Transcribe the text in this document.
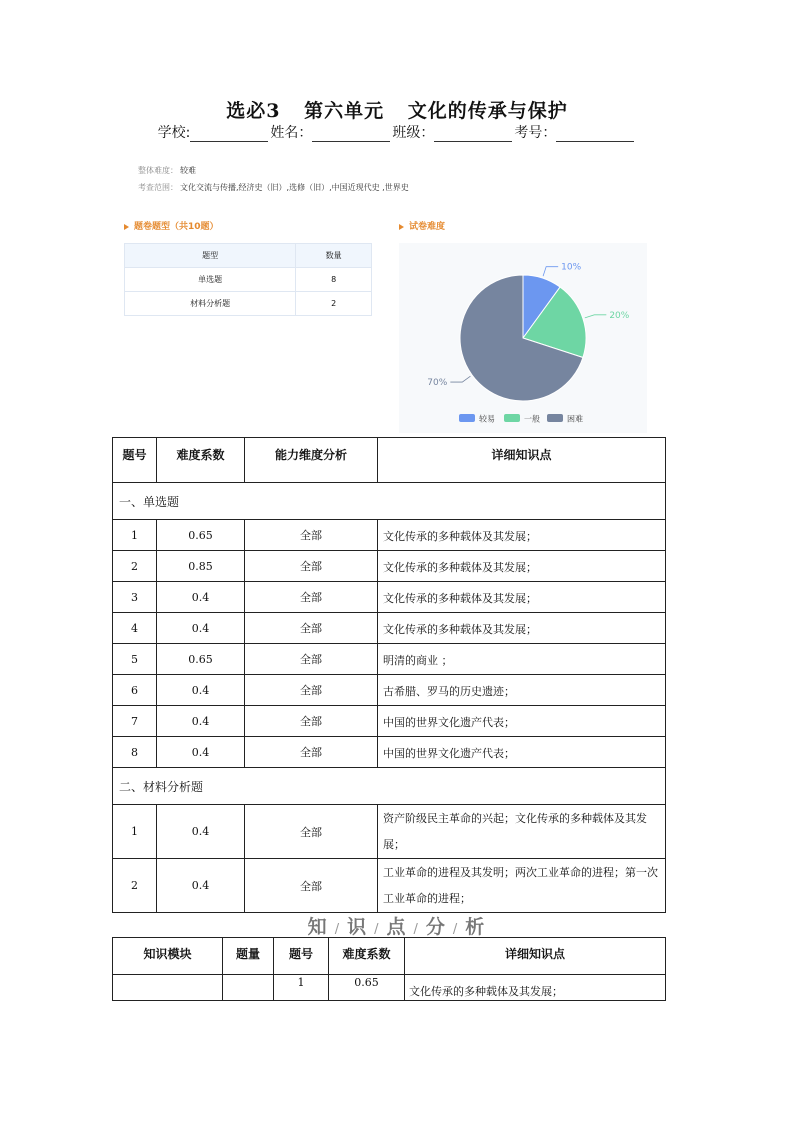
选必3 第六单元 文化的传承与保护
学校:	姓名：	班级：	考号：
整体难度： 较难
考查范围： 文化交流与传播,经济史（旧）,选修（旧）,中国近现代史 ,世界史
题卷题型（共10题）
题型	数量
单选题	8
材料分析题	2
试卷难度
10%
20%
70%
较易	一般	困难
题号	难度系数	能力维度分析	详细知识点
一、单选题			
1	0.65	全部	文化传承的多种载体及其发展；
2	0.85	全部	文化传承的多种载体及其发展；
3	0.4	全部	文化传承的多种载体及其发展；
4	0.4	全部	文化传承的多种载体及其发展；
5	0.65	全部	明清的商业 ；
6	0.4	全部	古希腊、罗马的历史遗迹；
7	0.4	全部	中国的世界文化遗产代表；
8	0.4	全部	中国的世界文化遗产代表；
二、材料分析题			
1	0.4	全部	资产阶级民主革命的兴起；文化传承的多种载体及其发展；
2	0.4	全部	工业革命的进程及其发明；两次工业革命的进程；第一次工业革命的进程；
知 / 识 / 点 / 分 / 析
知识模块	题量	题号	难度系数	详细知识点
		1	0.65	文化传承的多种载体及其发展；
